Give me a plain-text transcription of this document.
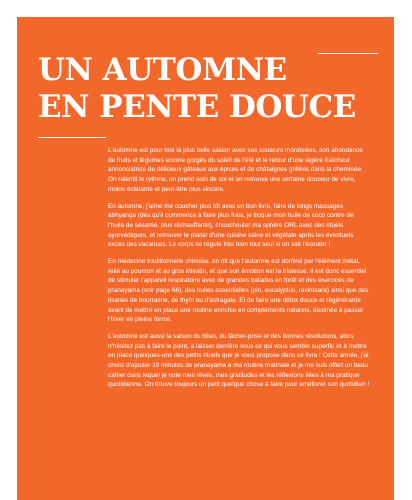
UN AUTOMNE
EN PENTE DOUCE

L'automne est pour moi la plus belle saison avec ses couleurs mordorées, son abondance de fruits et légumes encore gorgés du soleil de l'été et le retour d'une légère fraîcheur annonciatrice de délicieux gâteaux aux épices et de châtaignes grillées dans la cheminée. On ralentit le rythme, on prend soin de soi et on retrouve une certaine douceur de vivre, moins éclatante et peut-être plus sincère.

En automne, j'aime me coucher plus tôt avec un bon livre, faire de longs massages abhyanga (dès qu'il commence à faire plus frais, je troque mon huile de coco contre de l'huile de sésame, plus réchauffante), chouchouter ma sphère ORL avec des rituels ayurvédiques, et retrouver le plaisir d'une cuisine saine et végétale après les éventuels excès des vacances. Le corps se régule très bien tout seul si on sait l'écouter !

En médecine traditionnelle chinoise, on dit que l'automne est dominé par l'élément métal, relié au poumon et au gros intestin, et que son émotion est la tristesse. Il est donc essentiel de stimuler l'appareil respiratoire avec de grandes balades en forêt et des exercices de pranayama (voir page 66), des huiles essentielles (pin, eucalyptus, ravintsara) ainsi que des tisanes de bourrache, de thym ou d'astragale. Et de faire une détox douce et régénérante avant de mettre en place une routine enrichie en compléments naturels, destinée à passer l'hiver en pleine forme.

L'automne est aussi la saison du bilan, du lâcher-prise et des bonnes résolutions, alors n'hésitez pas à faire le point, à laisser derrière vous ce qui vous semble superflu et à mettre en place quelques-uns des petits rituels que je vous propose dans ce livre ! Cette année, j'ai choisi d'ajouter 10 minutes de pranayama à ma routine matinale et je me suis offert un beau cahier dans lequel je note mes rêves, mes gratitudes et les réflexions liées à ma pratique quotidienne. On trouve toujours un petit quelque chose à faire pour améliorer son quotidien !
